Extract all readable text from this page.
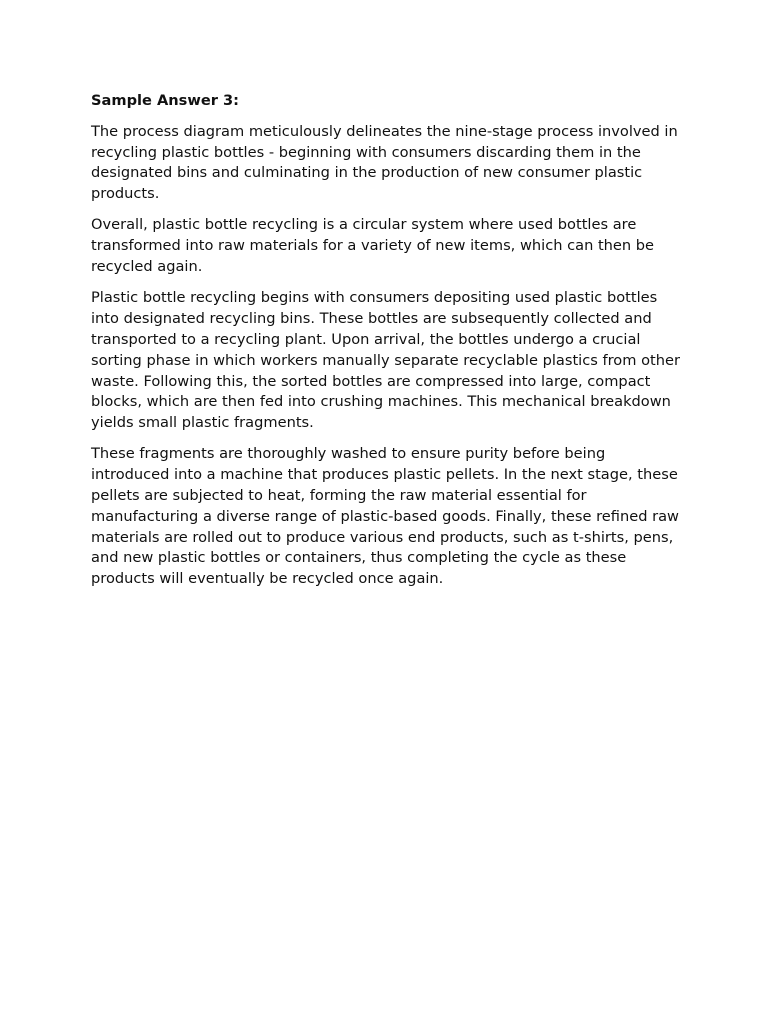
Sample Answer 3:

The process diagram meticulously delineates the nine-stage process involved in recycling plastic bottles - beginning with consumers discarding them in the designated bins and culminating in the production of new consumer plastic products.

Overall, plastic bottle recycling is a circular system where used bottles are transformed into raw materials for a variety of new items, which can then be recycled again.

Plastic bottle recycling begins with consumers depositing used plastic bottles into designated recycling bins. These bottles are subsequently collected and transported to a recycling plant. Upon arrival, the bottles undergo a crucial sorting phase in which workers manually separate recyclable plastics from other waste. Following this, the sorted bottles are compressed into large, compact blocks, which are then fed into crushing machines. This mechanical breakdown yields small plastic fragments.

These fragments are thoroughly washed to ensure purity before being introduced into a machine that produces plastic pellets. In the next stage, these pellets are subjected to heat, forming the raw material essential for manufacturing a diverse range of plastic-based goods. Finally, these refined raw materials are rolled out to produce various end products, such as t-shirts, pens, and new plastic bottles or containers, thus completing the cycle as these products will eventually be recycled once again.
